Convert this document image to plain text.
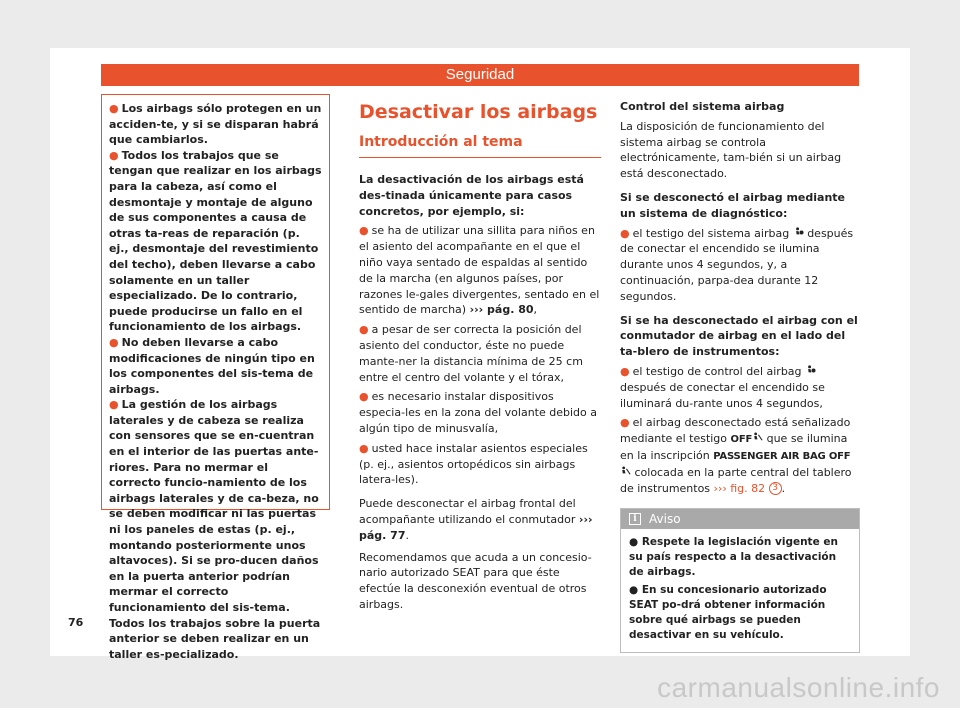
Seguridad
● Los airbags sólo protegen en un acciden-te, y si se disparan habrá que cambiarlos.
● Todos los trabajos que se tengan que realizar en los airbags para la cabeza, así como el desmontaje y montaje de alguno de sus componentes a causa de otras ta-reas de reparación (p. ej., desmontaje del revestimiento del techo), deben llevarse a cabo solamente en un taller especializado. De lo contrario, puede producirse un fallo en el funcionamiento de los airbags.
● No deben llevarse a cabo modificaciones de ningún tipo en los componentes del sis-tema de airbags.
● La gestión de los airbags laterales y de cabeza se realiza con sensores que se en-cuentran en el interior de las puertas ante-riores. Para no mermar el correcto funcio-namiento de los airbags laterales y de ca-beza, no se deben modificar ni las puertas ni los paneles de estas (p. ej., montando posteriormente unos altavoces). Si se pro-ducen daños en la puerta anterior podrían mermar el correcto funcionamiento del sis-tema. Todos los trabajos sobre la puerta anterior se deben realizar en un taller es-pecializado.
Desactivar los airbags
Introducción al tema
La desactivación de los airbags está des-tinada únicamente para casos concretos, por ejemplo, si:

● se ha de utilizar una sillita para niños en el asiento del acompañante en el que el niño vaya sentado de espaldas al sentido de la marcha (en algunos países, por razones le-gales divergentes, sentado en el sentido de marcha) ››› pág. 80,

● a pesar de ser correcta la posición del asiento del conductor, éste no puede mante-ner la distancia mínima de 25 cm entre el centro del volante y el tórax,

● es necesario instalar dispositivos especia-les en la zona del volante debido a algún tipo de minusvalía,

● usted hace instalar asientos especiales (p. ej., asientos ortopédicos sin airbags latera-les).

Puede desconectar el airbag frontal del acompañante utilizando el conmutador ››› pág. 77.

Recomendamos que acuda a un concesio-nario autorizado SEAT para que éste efectúe la desconexión eventual de otros airbags.

Control del sistema airbag

La disposición de funcionamiento del sistema airbag se controla electrónicamente, tam-bién si un airbag está desconectado.

Si se desconectó el airbag mediante un sistema de diagnóstico:

● el testigo del sistema airbag  después de conectar el encendido se ilumina durante unos 4 segundos, y, a continuación, parpa-dea durante 12 segundos.

Si se ha desconectado el airbag con el conmutador de airbag en el lado del ta-blero de instrumentos:

● el testigo de control del airbag  después de conectar el encendido se iluminará du-rante unos 4 segundos,

● el airbag desconectado está señalizado mediante el testigo OFF que se ilumina en la inscripción PASSENGER AIR BAG OFF  colocada en la parte central del tablero de instrumentos ››› fig. 82 3 .

i	Aviso
● Respete la legislación vigente en su país respecto a la desactivación de airbags.
● En su concesionario autorizado SEAT po-drá obtener información sobre qué airbags se pueden desactivar en su vehículo.
76
carmanualsonline.info
